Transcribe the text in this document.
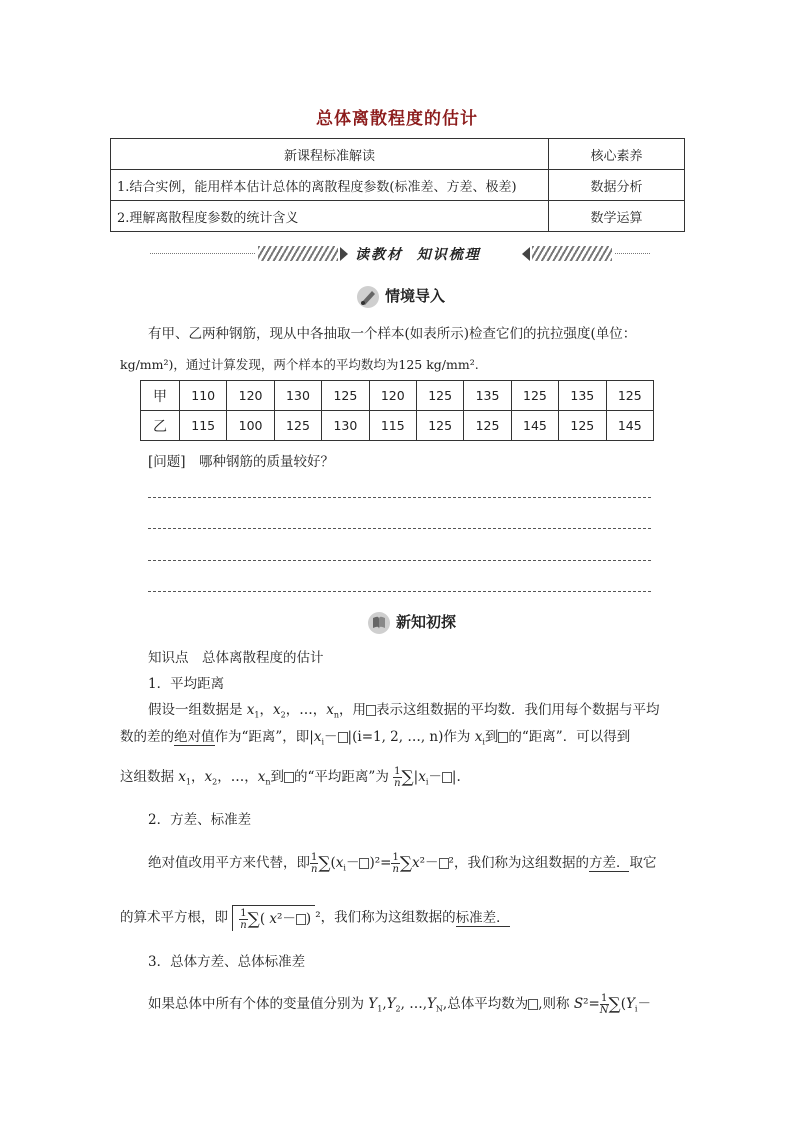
总体离散程度的估计
新课程标准解读	核心素养
1.结合实例，能用样本估计总体的离散程度参数(标准差、方差、极差)	数据分析
2.理解离散程度参数的统计含义	数学运算
读教材 知识梳理
情境导入
有甲、乙两种钢筋，现从中各抽取一个样本(如表所示)检查它们的抗拉强度(单位：
kg/mm²)，通过计算发现，两个样本的平均数均为125 kg/mm².
甲	110	120	130	125	120	125	135	125	135	125
乙	115	100	125	130	115	125	125	145	125	145
[问题]　哪种钢筋的质量较好？
新知初探
知识点　总体离散程度的估计
1．平均距离
假设一组数据是 $x_1$，$x_2$，…，$x_n$，用 表示这组数据的平均数．我们用每个数据与平均
数的差的绝对值作为“距离”，即$|x_i- |(i=1$, 2, …, n)作为 $x_i$到 的“距离”．可以得到
这组数据 $x_1$，$x_2$，…，$x_n$到 的“平均距离”为 $\frac{1}{n}\sum|x_i-$ |.
2．方差、标准差
绝对值改用平方来代替，即 $\frac{1}{n}\sum(x_i- )^2= \frac{1}{n}\sum x^2- ^2$，我们称为这组数据的方差．取它
的算术平方根，即 $\frac{1}{n}\sum$( x²－ ) ²，我们称为这组数据的标准差．
3．总体方差、总体标准差
如果总体中所有个体的变量值分别为 $Y_1,Y_2$, $\dots,Y_N$,总体平均数为 ,则称 $S^2= \frac{1}{N}\sum(Y_i-$
